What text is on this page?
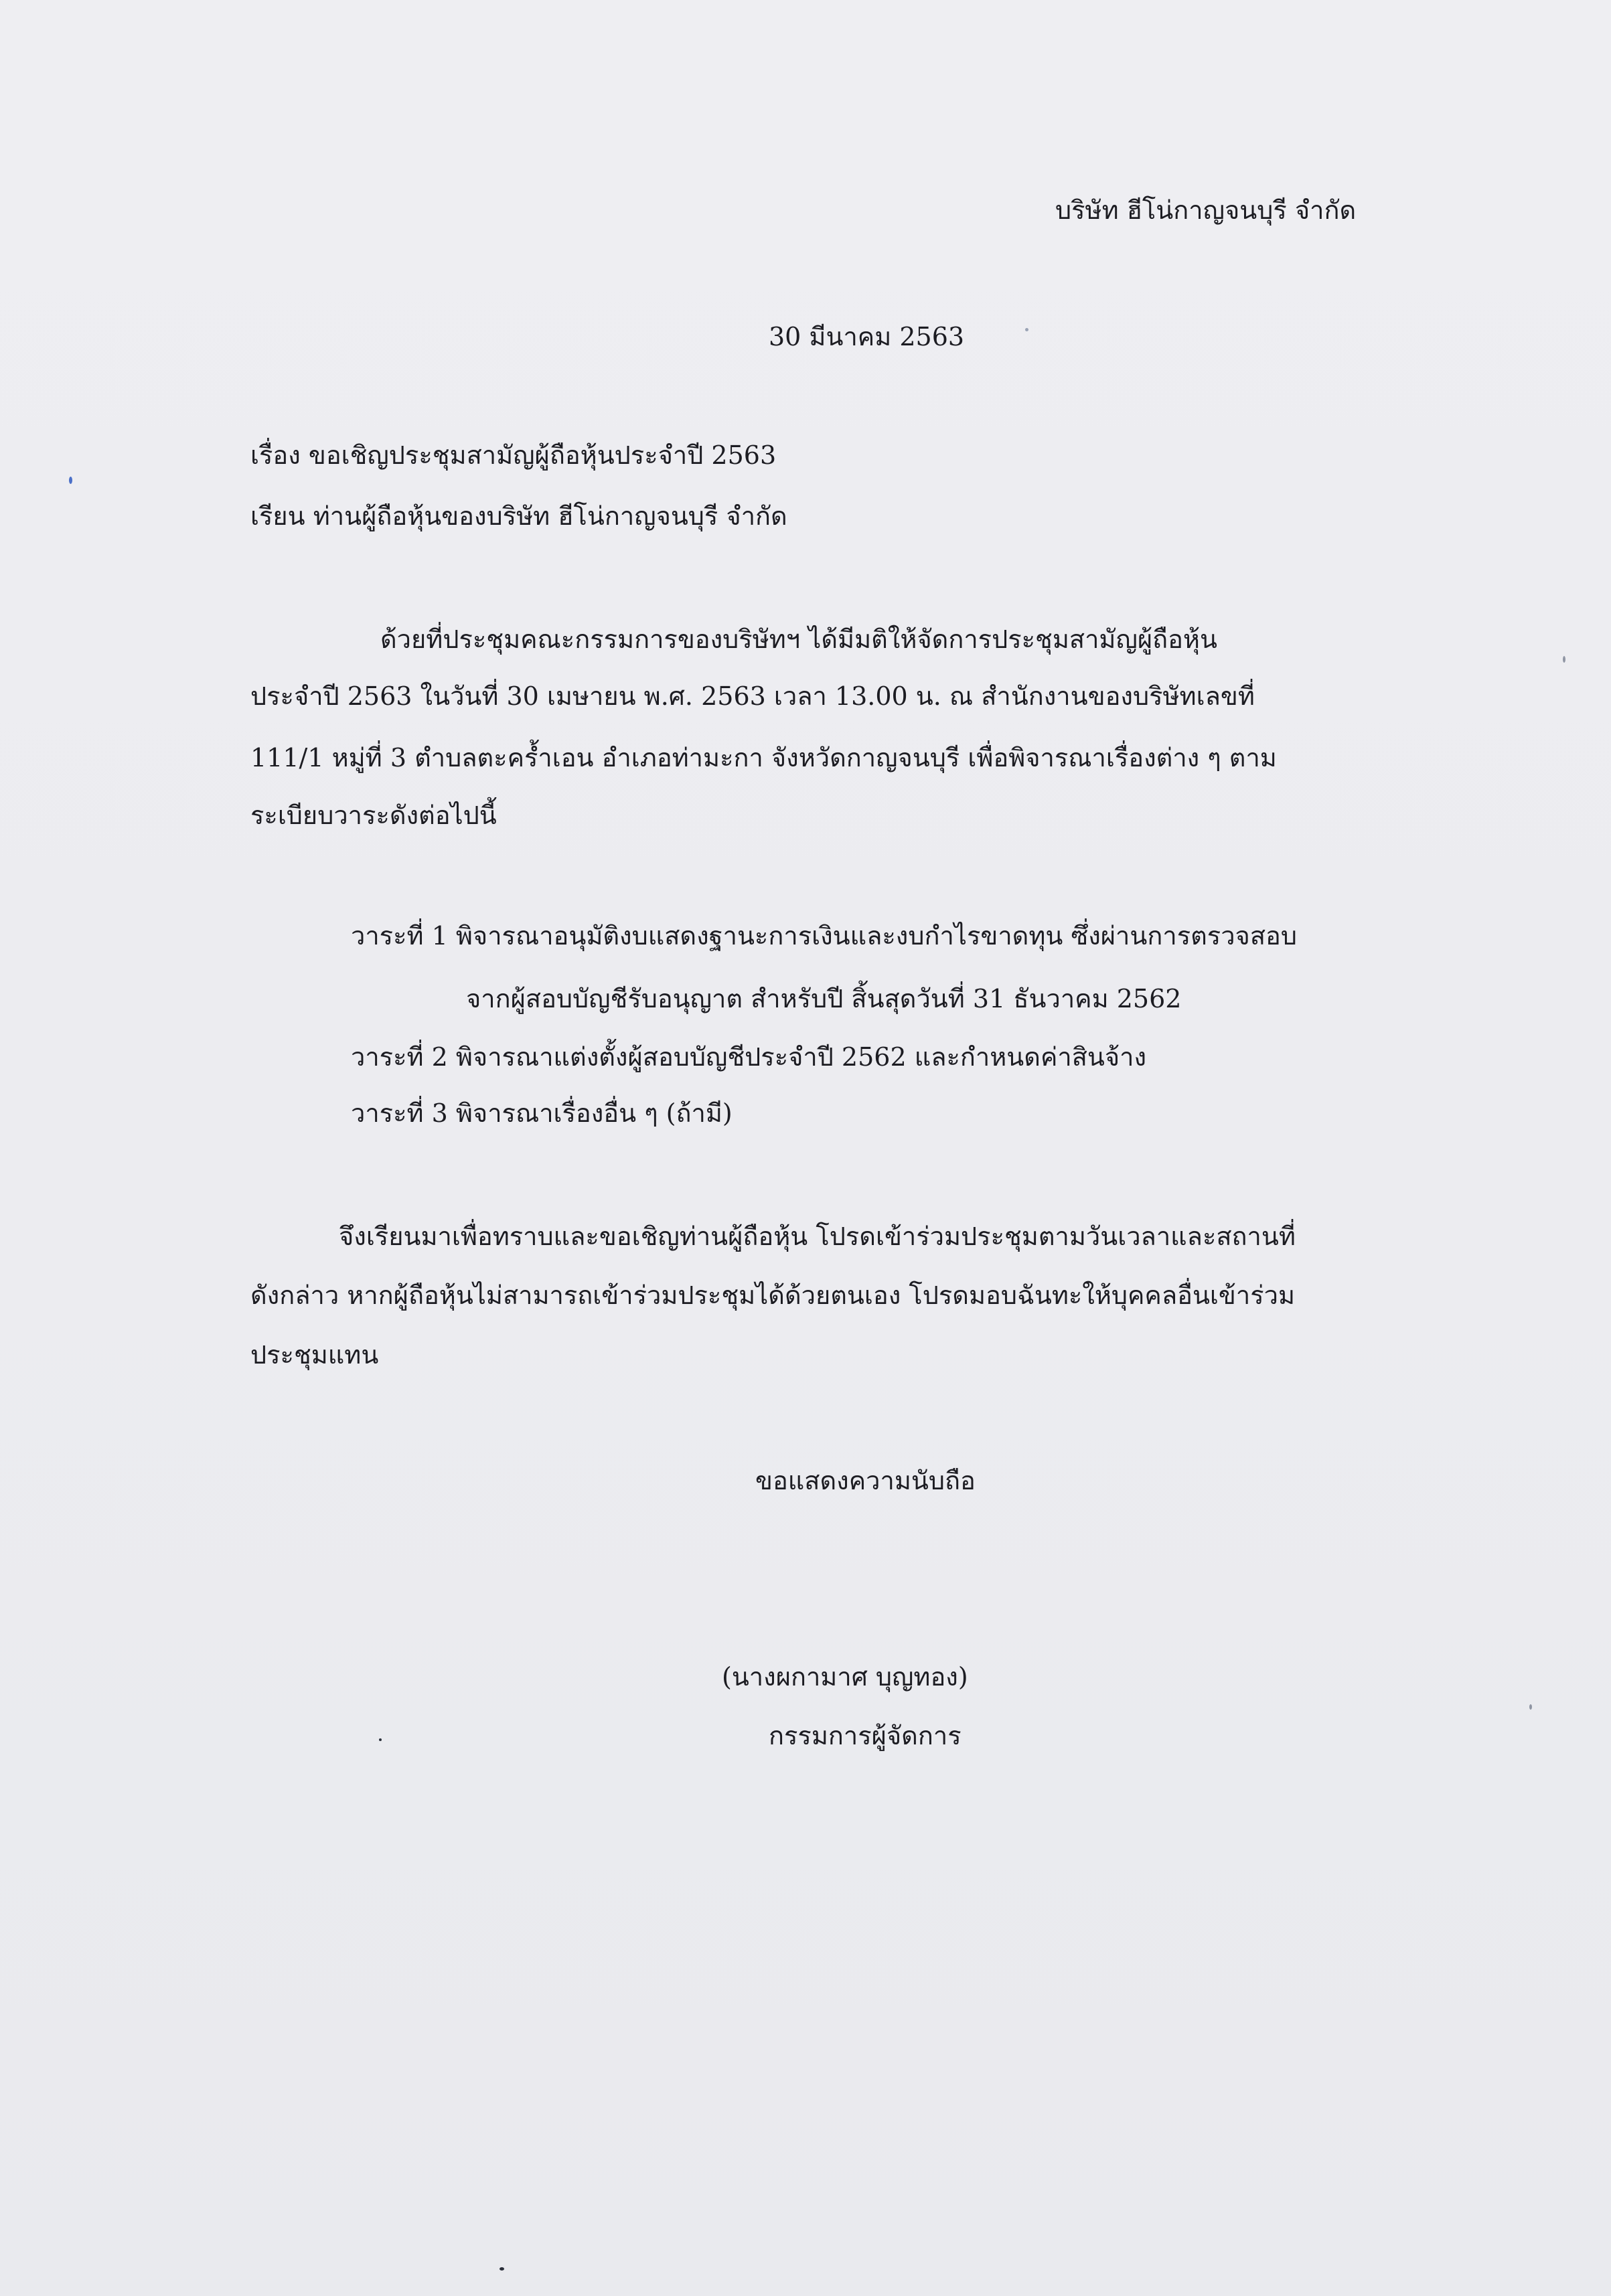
บริษัท ฮีโน่กาญจนบุรี จำกัด
30 มีนาคม 2563
เรื่อง ขอเชิญประชุมสามัญผู้ถือหุ้นประจำปี 2563
เรียน ท่านผู้ถือหุ้นของบริษัท ฮีโน่กาญจนบุรี จำกัด
ด้วยที่ประชุมคณะกรรมการของบริษัทฯ ได้มีมติให้จัดการประชุมสามัญผู้ถือหุ้น
ประจำปี 2563 ในวันที่ 30 เมษายน พ.ศ. 2563 เวลา 13.00 น. ณ สำนักงานของบริษัทเลขที่
111/1 หมู่ที่ 3 ตำบลตะคร้ำเอน อำเภอท่ามะกา จังหวัดกาญจนบุรี เพื่อพิจารณาเรื่องต่าง ๆ ตาม
ระเบียบวาระดังต่อไปนี้
วาระที่ 1 พิจารณาอนุมัติงบแสดงฐานะการเงินและงบกำไรขาดทุน ซึ่งผ่านการตรวจสอบ
จากผู้สอบบัญชีรับอนุญาต สำหรับปี สิ้นสุดวันที่ 31 ธันวาคม 2562
วาระที่ 2 พิจารณาแต่งตั้งผู้สอบบัญชีประจำปี 2562 และกำหนดค่าสินจ้าง
วาระที่ 3 พิจารณาเรื่องอื่น ๆ (ถ้ามี)
จึงเรียนมาเพื่อทราบและขอเชิญท่านผู้ถือหุ้น โปรดเข้าร่วมประชุมตามวันเวลาและสถานที่
ดังกล่าว หากผู้ถือหุ้นไม่สามารถเข้าร่วมประชุมได้ด้วยตนเอง โปรดมอบฉันทะให้บุคคลอื่นเข้าร่วม
ประชุมแทน
ขอแสดงความนับถือ
(นางผกามาศ บุญทอง)
กรรมการผู้จัดการ
